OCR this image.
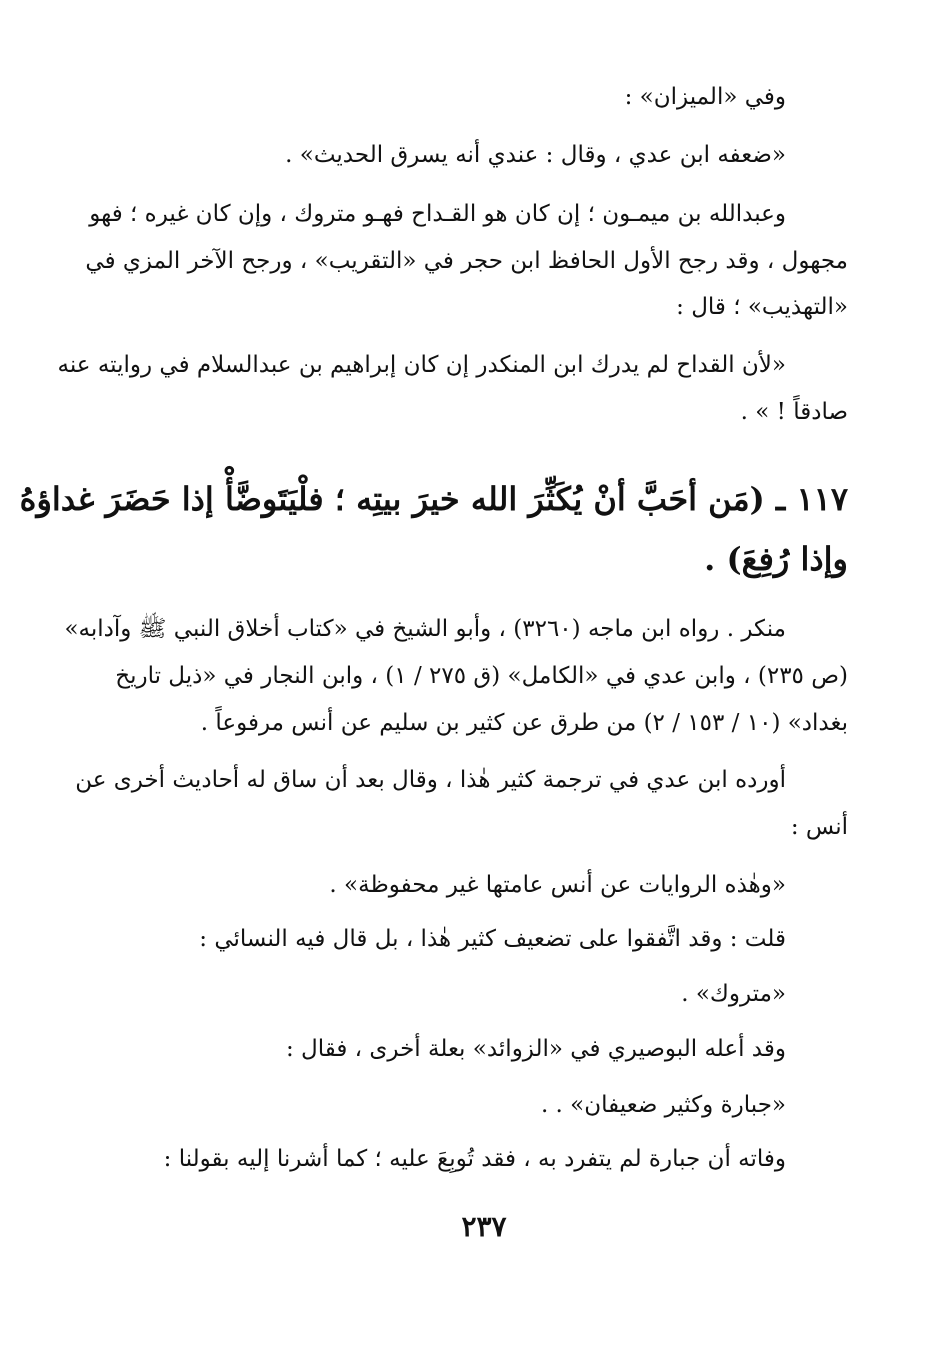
وفي «الميزان» :
«ضعفه ابن عدي ، وقال : عندي أنه يسرق الحديث» .
وعبدالله بن ميمـون ؛ إن كان هو القـداح فهـو متروك ، وإن كان غيره ؛ فهو
مجهول ، وقد رجح الأول الحافظ ابن حجر في «التقريب» ، ورجح الآخر المزي في
«التهذيب» ؛ قال :
«لأن القداح لم يدرك ابن المنكدر إن كان إبراهيم بن عبدالسلام في روايته عنه
صادقاً ! » .
١١٧ ـ (مَن أحَبَّ أنْ يُكَثِّرَ الله خيرَ بيتِه ؛ فلْيَتَوضَّأْ إذا حَضَرَ غداؤهُ
وإذا رُفِعَ) .
منكر . رواه ابن ماجه (٣٢٦٠) ، وأبو الشيخ في «كتاب أخلاق النبي ﷺ وآدابه»
(ص ٢٣٥) ، وابن عدي في «الكامل» (ق ٢٧٥ / ١) ، وابن النجار في «ذيل تاريخ
بغداد» (١٠ / ١٥٣ / ٢) من طرق عن كثير بن سليم عن أنس مرفوعاً .
أورده ابن عدي في ترجمة كثير هٰذا ، وقال بعد أن ساق له أحاديث أخرى عن
أنس :
«وهٰذه الروايات عن أنس عامتها غير محفوظة» .
قلت : وقد اتَّفقوا على تضعيف كثير هٰذا ، بل قال فيه النسائي :
«متروك» .
وقد أعله البوصيري في «الزوائد» بعلة أخرى ، فقال :
«جبارة وكثير ضعيفان» . .
وفاته أن جبارة لم يتفرد به ، فقد تُوبِعَ عليه ؛ كما أشرنا إليه بقولنا :
٢٣٧
